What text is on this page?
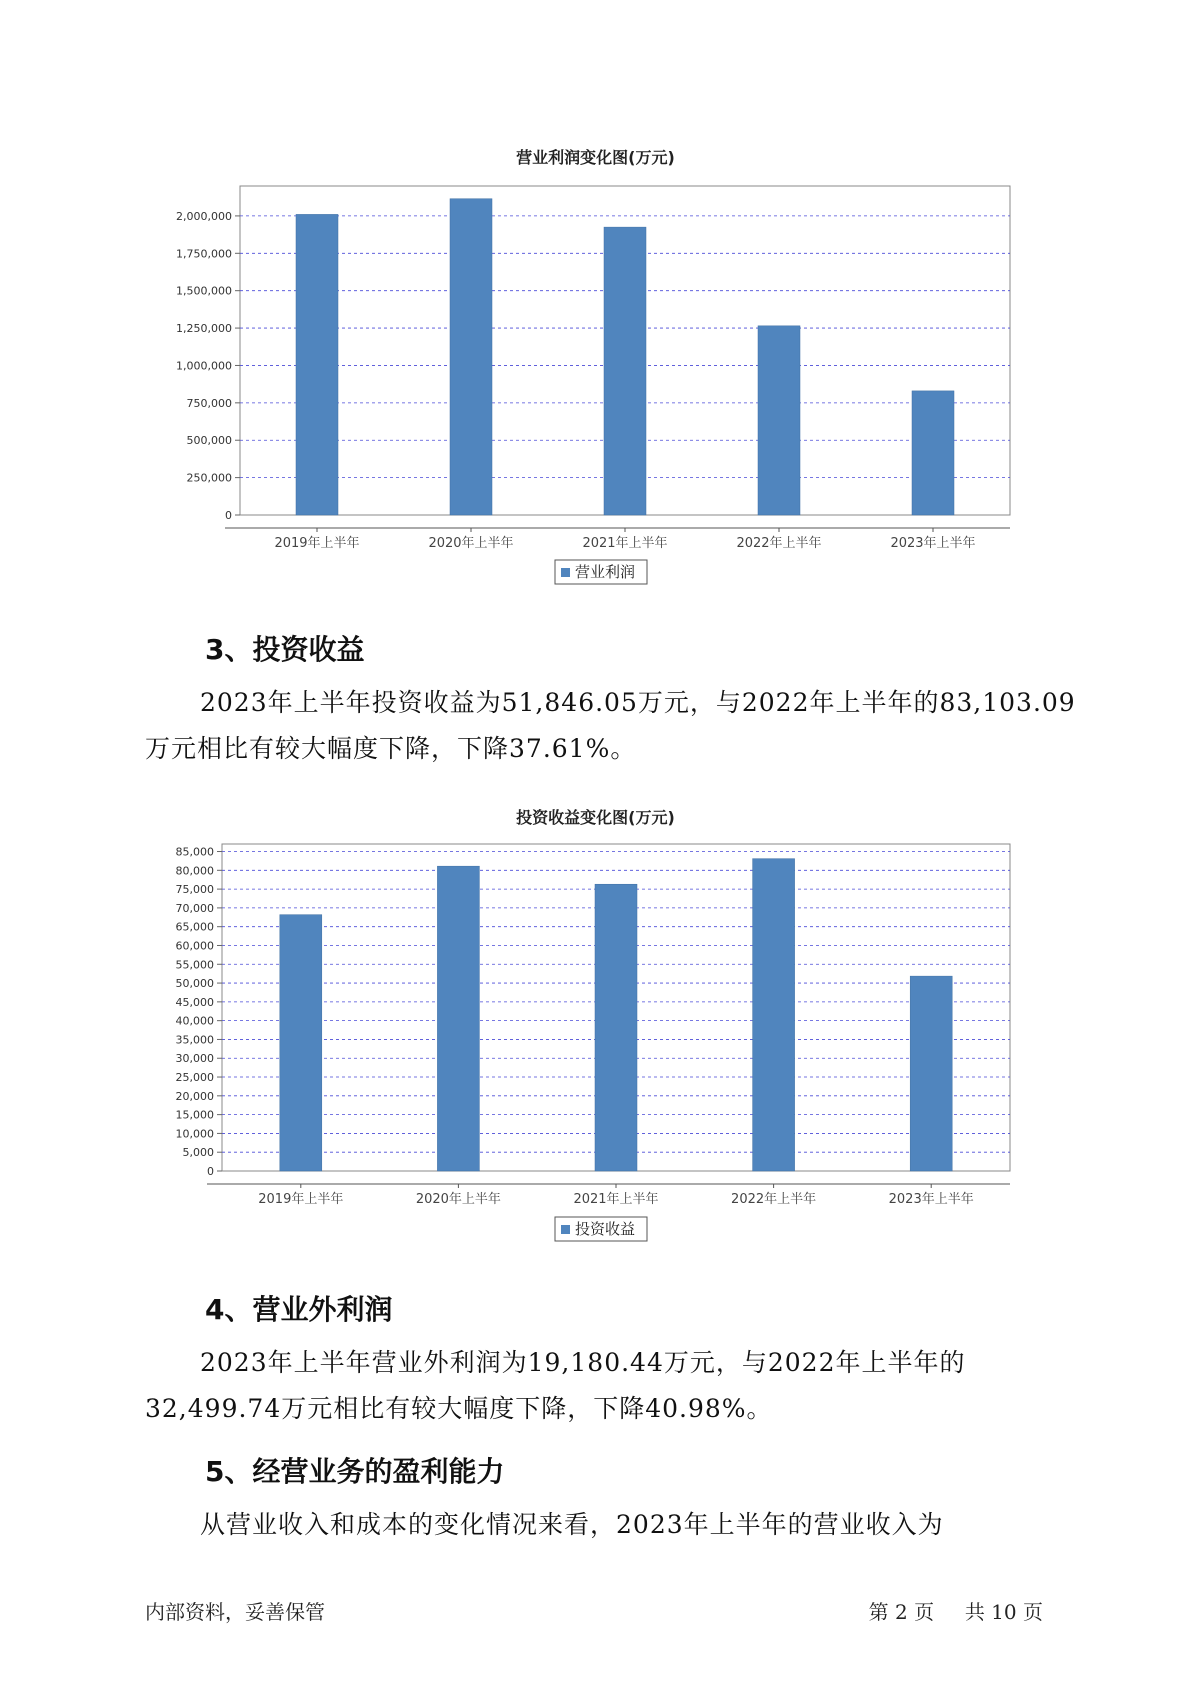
营业利润变化图(万元)
0
250,000
500,000
750,000
1,000,000
1,250,000
1,500,000
1,750,000
2,000,000
2019年上半年	2020年上半年	2021年上半年	2022年上半年	2023年上半年
营业利润
3、投资收益

2023年上半年投资收益为51,846.05万元，与2022年上半年的83,103.09
万元相比有较大幅度下降，下降37.61%。

投资收益变化图(万元)
0
5,000
10,000
15,000
20,000
25,000
30,000
35,000
40,000
45,000
50,000
55,000
60,000
65,000
70,000
75,000
80,000
85,000
2019年上半年	2020年上半年	2021年上半年	2022年上半年	2023年上半年
投资收益
4、营业外利润

2023年上半年营业外利润为19,180.44万元，与2022年上半年的
32,499.74万元相比有较大幅度下降，下降40.98%。

5、经营业务的盈利能力

从营业收入和成本的变化情况来看，2023年上半年的营业收入为

内部资料，妥善保管	第 2 页 共 10 页
